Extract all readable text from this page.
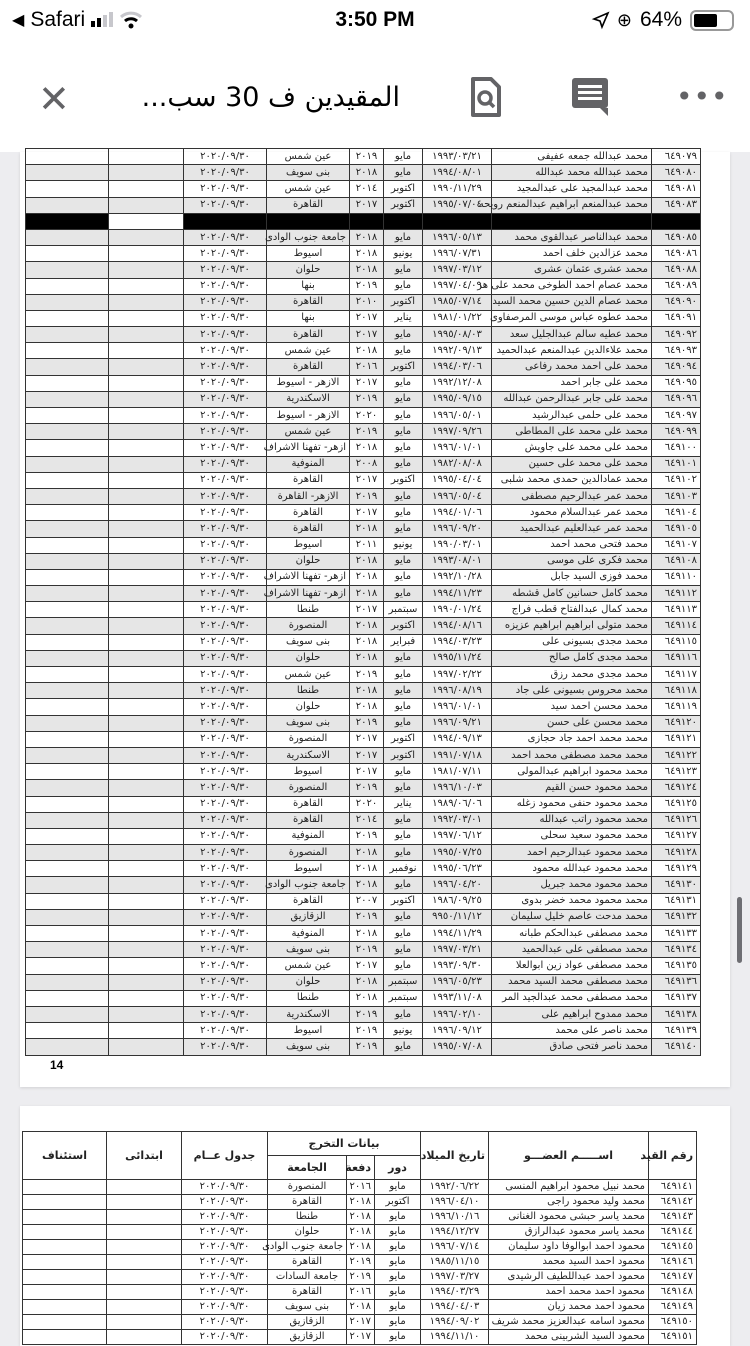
◀ Safari	3:50 PM	⊕ 64%
✕	المقيدين ف 30 سب...	•••
٦٤٩٠٧٩	محمد عبدالله جمعه عفيفى	١٩٩٣/٠٣/٢١	مايو	٢٠١٩	عين شمس	٢٠٢٠/٠٩/٣٠		
٦٤٩٠٨٠	محمد عبدالله محمد عبدالله	١٩٩٤/٠٨/٠١	مايو	٢٠١٨	بنى سويف	٢٠٢٠/٠٩/٣٠		
٦٤٩٠٨١	محمد عبدالمجيد على عبدالمجيد	١٩٩٠/١١/٢٩	اكتوبر	٢٠١٤	عين شمس	٢٠٢٠/٠٩/٣٠		
٦٤٩٠٨٣	محمد عبدالمنعم ابراهيم عبدالمنعم رويحه	١٩٩٥/٠٧/٠٤	اكتوبر	٢٠١٧	القاهرة	٢٠٢٠/٠٩/٣٠		

٦٤٩٠٨٥	محمد عبدالناصر عبدالقوى محمد	١٩٩٦/٠٥/١٣	مايو	٢٠١٨	جامعة جنوب الوادى	٢٠٢٠/٠٩/٣٠		
٦٤٩٠٨٦	محمد عزالدين خلف احمد	١٩٩٦/٠٧/٣١	يونيو	٢٠١٨	اسيوط	٢٠٢٠/٠٩/٣٠		
٦٤٩٠٨٨	محمد عشرى عثمان عشرى	١٩٩٧/٠٣/١٢	مايو	٢٠١٨	حلوان	٢٠٢٠/٠٩/٣٠		
٦٤٩٠٨٩	محمد عصام احمد الطوخى محمد على هز	١٩٩٧/٠٤/٠٩	مايو	٢٠١٩	بنها	٢٠٢٠/٠٩/٣٠		
٦٤٩٠٩٠	محمد عصام الدين حسين محمد السيد	١٩٨٥/٠٧/١٤	اكتوبر	٢٠١٠	القاهرة	٢٠٢٠/٠٩/٣٠		
٦٤٩٠٩١	محمد عطوه عباس موسى المرصفاوى	١٩٨١/٠١/٢٢	يناير	٢٠١٧	بنها	٢٠٢٠/٠٩/٣٠		
٦٤٩٠٩٢	محمد عطيه سالم عبدالجليل سعد	١٩٩٥/٠٨/٠٣	مايو	٢٠١٧	القاهرة	٢٠٢٠/٠٩/٣٠		
٦٤٩٠٩٣	محمد علاءالدين عبدالمنعم عبدالحميد	١٩٩٢/٠٩/١٣	مايو	٢٠١٨	عين شمس	٢٠٢٠/٠٩/٣٠		
٦٤٩٠٩٤	محمد على احمد محمد رفاعى	١٩٩٤/٠٣/٠٦	اكتوبر	٢٠١٦	القاهرة	٢٠٢٠/٠٩/٣٠		
٦٤٩٠٩٥	محمد على جابر احمد	١٩٩٢/١٢/٠٨	مايو	٢٠١٧	الازهر - اسيوط	٢٠٢٠/٠٩/٣٠		
٦٤٩٠٩٦	محمد على جابر عبدالرحمن عبدالله	١٩٩٥/٠٩/١٥	مايو	٢٠١٩	الاسكندرية	٢٠٢٠/٠٩/٣٠		
٦٤٩٠٩٧	محمد على حلمى عبدالرشيد	١٩٩٦/٠٥/٠١	مايو	٢٠٢٠	الازهر - اسيوط	٢٠٢٠/٠٩/٣٠		
٦٤٩٠٩٩	محمد على محمد على المطاطى	١٩٩٧/٠٩/٢٦	مايو	٢٠١٩	عين شمس	٢٠٢٠/٠٩/٣٠		
٦٤٩١٠٠	محمد على محمد على جاويش	١٩٩٦/٠١/٠١	مايو	٢٠١٨	ازهر- تفهنا الاشراف	٢٠٢٠/٠٩/٣٠		
٦٤٩١٠١	محمد على محمد على حسين	١٩٨٢/٠٨/٠٨	مايو	٢٠٠٨	المنوفية	٢٠٢٠/٠٩/٣٠		
٦٤٩١٠٢	محمد عمادالدين حمدى محمد شلبى	١٩٩٥/٠٤/٠٤	اكتوبر	٢٠١٧	القاهرة	٢٠٢٠/٠٩/٣٠		
٦٤٩١٠٣	محمد عمر عبدالرحيم مصطفى	١٩٩٦/٠٥/٠٤	مايو	٢٠١٩	الازهر- القاهرة	٢٠٢٠/٠٩/٣٠		
٦٤٩١٠٤	محمد عمر عبدالسلام محمود	١٩٩٤/٠١/٠٦	مايو	٢٠١٧	القاهرة	٢٠٢٠/٠٩/٣٠		
٦٤٩١٠٥	محمد عمر عبدالعليم عبدالحميد	١٩٩٦/٠٩/٢٠	مايو	٢٠١٨	القاهرة	٢٠٢٠/٠٩/٣٠		
٦٤٩١٠٧	محمد فتحى محمد احمد	١٩٩٠/٠٣/٠١	يونيو	٢٠١١	اسيوط	٢٠٢٠/٠٩/٣٠		
٦٤٩١٠٨	محمد فكرى على موسى	١٩٩٣/٠٨/٠١	مايو	٢٠١٨	حلوان	٢٠٢٠/٠٩/٣٠		
٦٤٩١١٠	محمد فوزى السيد جابل	١٩٩٢/١٠/٢٨	مايو	٢٠١٨	ازهر- تفهنا الاشراف	٢٠٢٠/٠٩/٣٠		
٦٤٩١١٢	محمد كامل حسانين كامل قشطه	١٩٩٤/١١/٢٣	مايو	٢٠١٨	ازهر- تفهنا الاشراف	٢٠٢٠/٠٩/٣٠		
٦٤٩١١٣	محمد كمال عبدالفتاح قطب فراج	١٩٩٠/٠١/٢٤	سبتمبر	٢٠١٧	طنطا	٢٠٢٠/٠٩/٣٠		
٦٤٩١١٤	محمد متولى ابراهيم ابراهيم عزيزه	١٩٩٤/٠٨/١٦	اكتوبر	٢٠١٨	المنصورة	٢٠٢٠/٠٩/٣٠		
٦٤٩١١٥	محمد مجدى بسيونى على	١٩٩٤/٠٣/٢٣	فبراير	٢٠١٨	بنى سويف	٢٠٢٠/٠٩/٣٠		
٦٤٩١١٦	محمد مجدى كامل صالح	١٩٩٥/١١/٢٤	مايو	٢٠١٨	حلوان	٢٠٢٠/٠٩/٣٠		
٦٤٩١١٧	محمد مجدى محمد رزق	١٩٩٧/٠٢/٢٢	مايو	٢٠١٩	عين شمس	٢٠٢٠/٠٩/٣٠		
٦٤٩١١٨	محمد محروس بسيونى على جاد	١٩٩٦/٠٨/١٩	مايو	٢٠١٨	طنطا	٢٠٢٠/٠٩/٣٠		
٦٤٩١١٩	محمد محسن احمد سيد	١٩٩٦/٠١/٠١	مايو	٢٠١٨	حلوان	٢٠٢٠/٠٩/٣٠		
٦٤٩١٢٠	محمد محسن على حسن	١٩٩٦/٠٩/٢١	مايو	٢٠١٩	بنى سويف	٢٠٢٠/٠٩/٣٠		
٦٤٩١٢١	محمد محمد احمد جاد حجازى	١٩٩٤/٠٩/١٣	اكتوبر	٢٠١٧	المنصورة	٢٠٢٠/٠٩/٣٠		
٦٤٩١٢٢	محمد محمد مصطفى محمد احمد	١٩٩١/٠٧/١٨	اكتوبر	٢٠١٧	الاسكندرية	٢٠٢٠/٠٩/٣٠		
٦٤٩١٢٣	محمد محمود ابراهيم عبدالمولى	١٩٨١/٠٧/١١	مايو	٢٠١٧	اسيوط	٢٠٢٠/٠٩/٣٠		
٦٤٩١٢٤	محمد محمود حسن القيم	١٩٩٦/١٠/٠٣	مايو	٢٠١٩	المنصورة	٢٠٢٠/٠٩/٣٠		
٦٤٩١٢٥	محمد محمود حنفى محمود زغله	١٩٨٩/٠٦/٠٦	يناير	٢٠٢٠	القاهرة	٢٠٢٠/٠٩/٣٠		
٦٤٩١٢٦	محمد محمود راتب عبدالله	١٩٩٢/٠٣/٠١	مايو	٢٠١٤	القاهرة	٢٠٢٠/٠٩/٣٠		
٦٤٩١٢٧	محمد محمود سعيد سحلى	١٩٩٧/٠٦/١٢	مايو	٢٠١٩	المنوفية	٢٠٢٠/٠٩/٣٠		
٦٤٩١٢٨	محمد محمود عبدالرحيم احمد	١٩٩٥/٠٧/٢٥	مايو	٢٠١٨	المنصورة	٢٠٢٠/٠٩/٣٠		
٦٤٩١٢٩	محمد محمود عبدالله محمود	١٩٩٥/٠٦/٢٣	نوفمبر	٢٠١٨	اسيوط	٢٠٢٠/٠٩/٣٠		
٦٤٩١٣٠	محمد محمود محمد جبريل	١٩٩٦/٠٤/٢٠	مايو	٢٠١٨	جامعة جنوب الوادى	٢٠٢٠/٠٩/٣٠		
٦٤٩١٣١	محمد محمود محمد خضر بدوى	١٩٨٦/٠٩/٢٥	اكتوبر	٢٠٠٧	القاهرة	٢٠٢٠/٠٩/٣٠		
٦٤٩١٣٢	محمد مدحت عاصم خليل سليمان	٩٩٥٠/١١/١٢	مايو	٢٠١٩	الزقازيق	٢٠٢٠/٠٩/٣٠		
٦٤٩١٣٣	محمد مصطفى عبدالحكم طبانه	١٩٩٤/١١/٢٩	مايو	٢٠١٨	المنوفية	٢٠٢٠/٠٩/٣٠		
٦٤٩١٣٤	محمد مصطفى على عبدالحميد	١٩٩٧/٠٣/٢١	مايو	٢٠١٩	بنى سويف	٢٠٢٠/٠٩/٣٠		
٦٤٩١٣٥	محمد مصطفى عواد زين ابوالعلا	١٩٩٣/٠٩/٣٠	مايو	٢٠١٧	عين شمس	٢٠٢٠/٠٩/٣٠		
٦٤٩١٣٦	محمد مصطفى محمد السيد محمد	١٩٩٦/٠٥/٢٣	سبتمبر	٢٠١٨	حلوان	٢٠٢٠/٠٩/٣٠		
٦٤٩١٣٧	محمد مصطفى محمد عبدالجيد المر	١٩٩٣/١١/٠٨	سبتمبر	٢٠١٨	طنطا	٢٠٢٠/٠٩/٣٠		
٦٤٩١٣٨	محمد ممدوح ابراهيم على	١٩٩٦/٠٢/١٠	مايو	٢٠١٩	الاسكندرية	٢٠٢٠/٠٩/٣٠		
٦٤٩١٣٩	محمد ناصر على محمد	١٩٩٦/٠٩/١٢	يونيو	٢٠١٩	اسيوط	٢٠٢٠/٠٩/٣٠		
٦٤٩١٤٠	محمد ناصر فتحى صادق	١٩٩٥/٠٧/٠٨	مايو	٢٠١٩	بنى سويف	٢٠٢٠/٠٩/٣٠		
14
رقم القيد	اســـــم العضـــو	تاريخ الميلاد	بيانات التخرج			جدول عــام	ابتدائى	استئناف
			دور	دفعة	الجامعة			
٦٤٩١٤١	محمد نبيل محمود ابراهيم المنسى	١٩٩٢/٠٦/٢٢	مايو	٢٠١٦	المنصورة	٢٠٢٠/٠٩/٣٠		
٦٤٩١٤٢	محمد وليد محمود راجى	١٩٩٦/٠٤/١٠	اكتوبر	٢٠١٨	القاهرة	٢٠٢٠/٠٩/٣٠		
٦٤٩١٤٣	محمد ياسر حبشى محمود الغنانى	١٩٩٦/١٠/١٦	مايو	٢٠١٨	طنطا	٢٠٢٠/٠٩/٣٠		
٦٤٩١٤٤	محمد ياسر محمود عبدالرازق	١٩٩٤/١٢/٢٧	مايو	٢٠١٨	حلوان	٢٠٢٠/٠٩/٣٠		
٦٤٩١٤٥	محمود احمد ابوالوفا داود سليمان	١٩٩٦/٠٧/١٤	مايو	٢٠١٨	جامعة جنوب الوادى	٢٠٢٠/٠٩/٣٠		
٦٤٩١٤٦	محمود احمد السيد محمد	١٩٨٥/١١/١٥	مايو	٢٠١٩	القاهرة	٢٠٢٠/٠٩/٣٠		
٦٤٩١٤٧	محمود احمد عبداللطيف الرشيدى	١٩٩٧/٠٣/٢٧	مايو	٢٠١٩	جامعة السادات	٢٠٢٠/٠٩/٣٠		
٦٤٩١٤٨	محمود احمد محمد احمد	١٩٩٤/٠٣/٢٩	مايو	٢٠١٦	القاهرة	٢٠٢٠/٠٩/٣٠		
٦٤٩١٤٩	محمود احمد محمد زيان	١٩٩٤/٠٤/٠٣	مايو	٢٠١٨	بنى سويف	٢٠٢٠/٠٩/٣٠		
٦٤٩١٥٠	محمود اسامه عبدالعزيز محمد شريف	١٩٩٤/٠٩/٠٢	مايو	٢٠١٧	الزقازيق	٢٠٢٠/٠٩/٣٠		
٦٤٩١٥١	محمود السيد الشربينى محمد	١٩٩٤/١١/١٠	مايو	٢٠١٧	الزقازيق	٢٠٢٠/٠٩/٣٠		
